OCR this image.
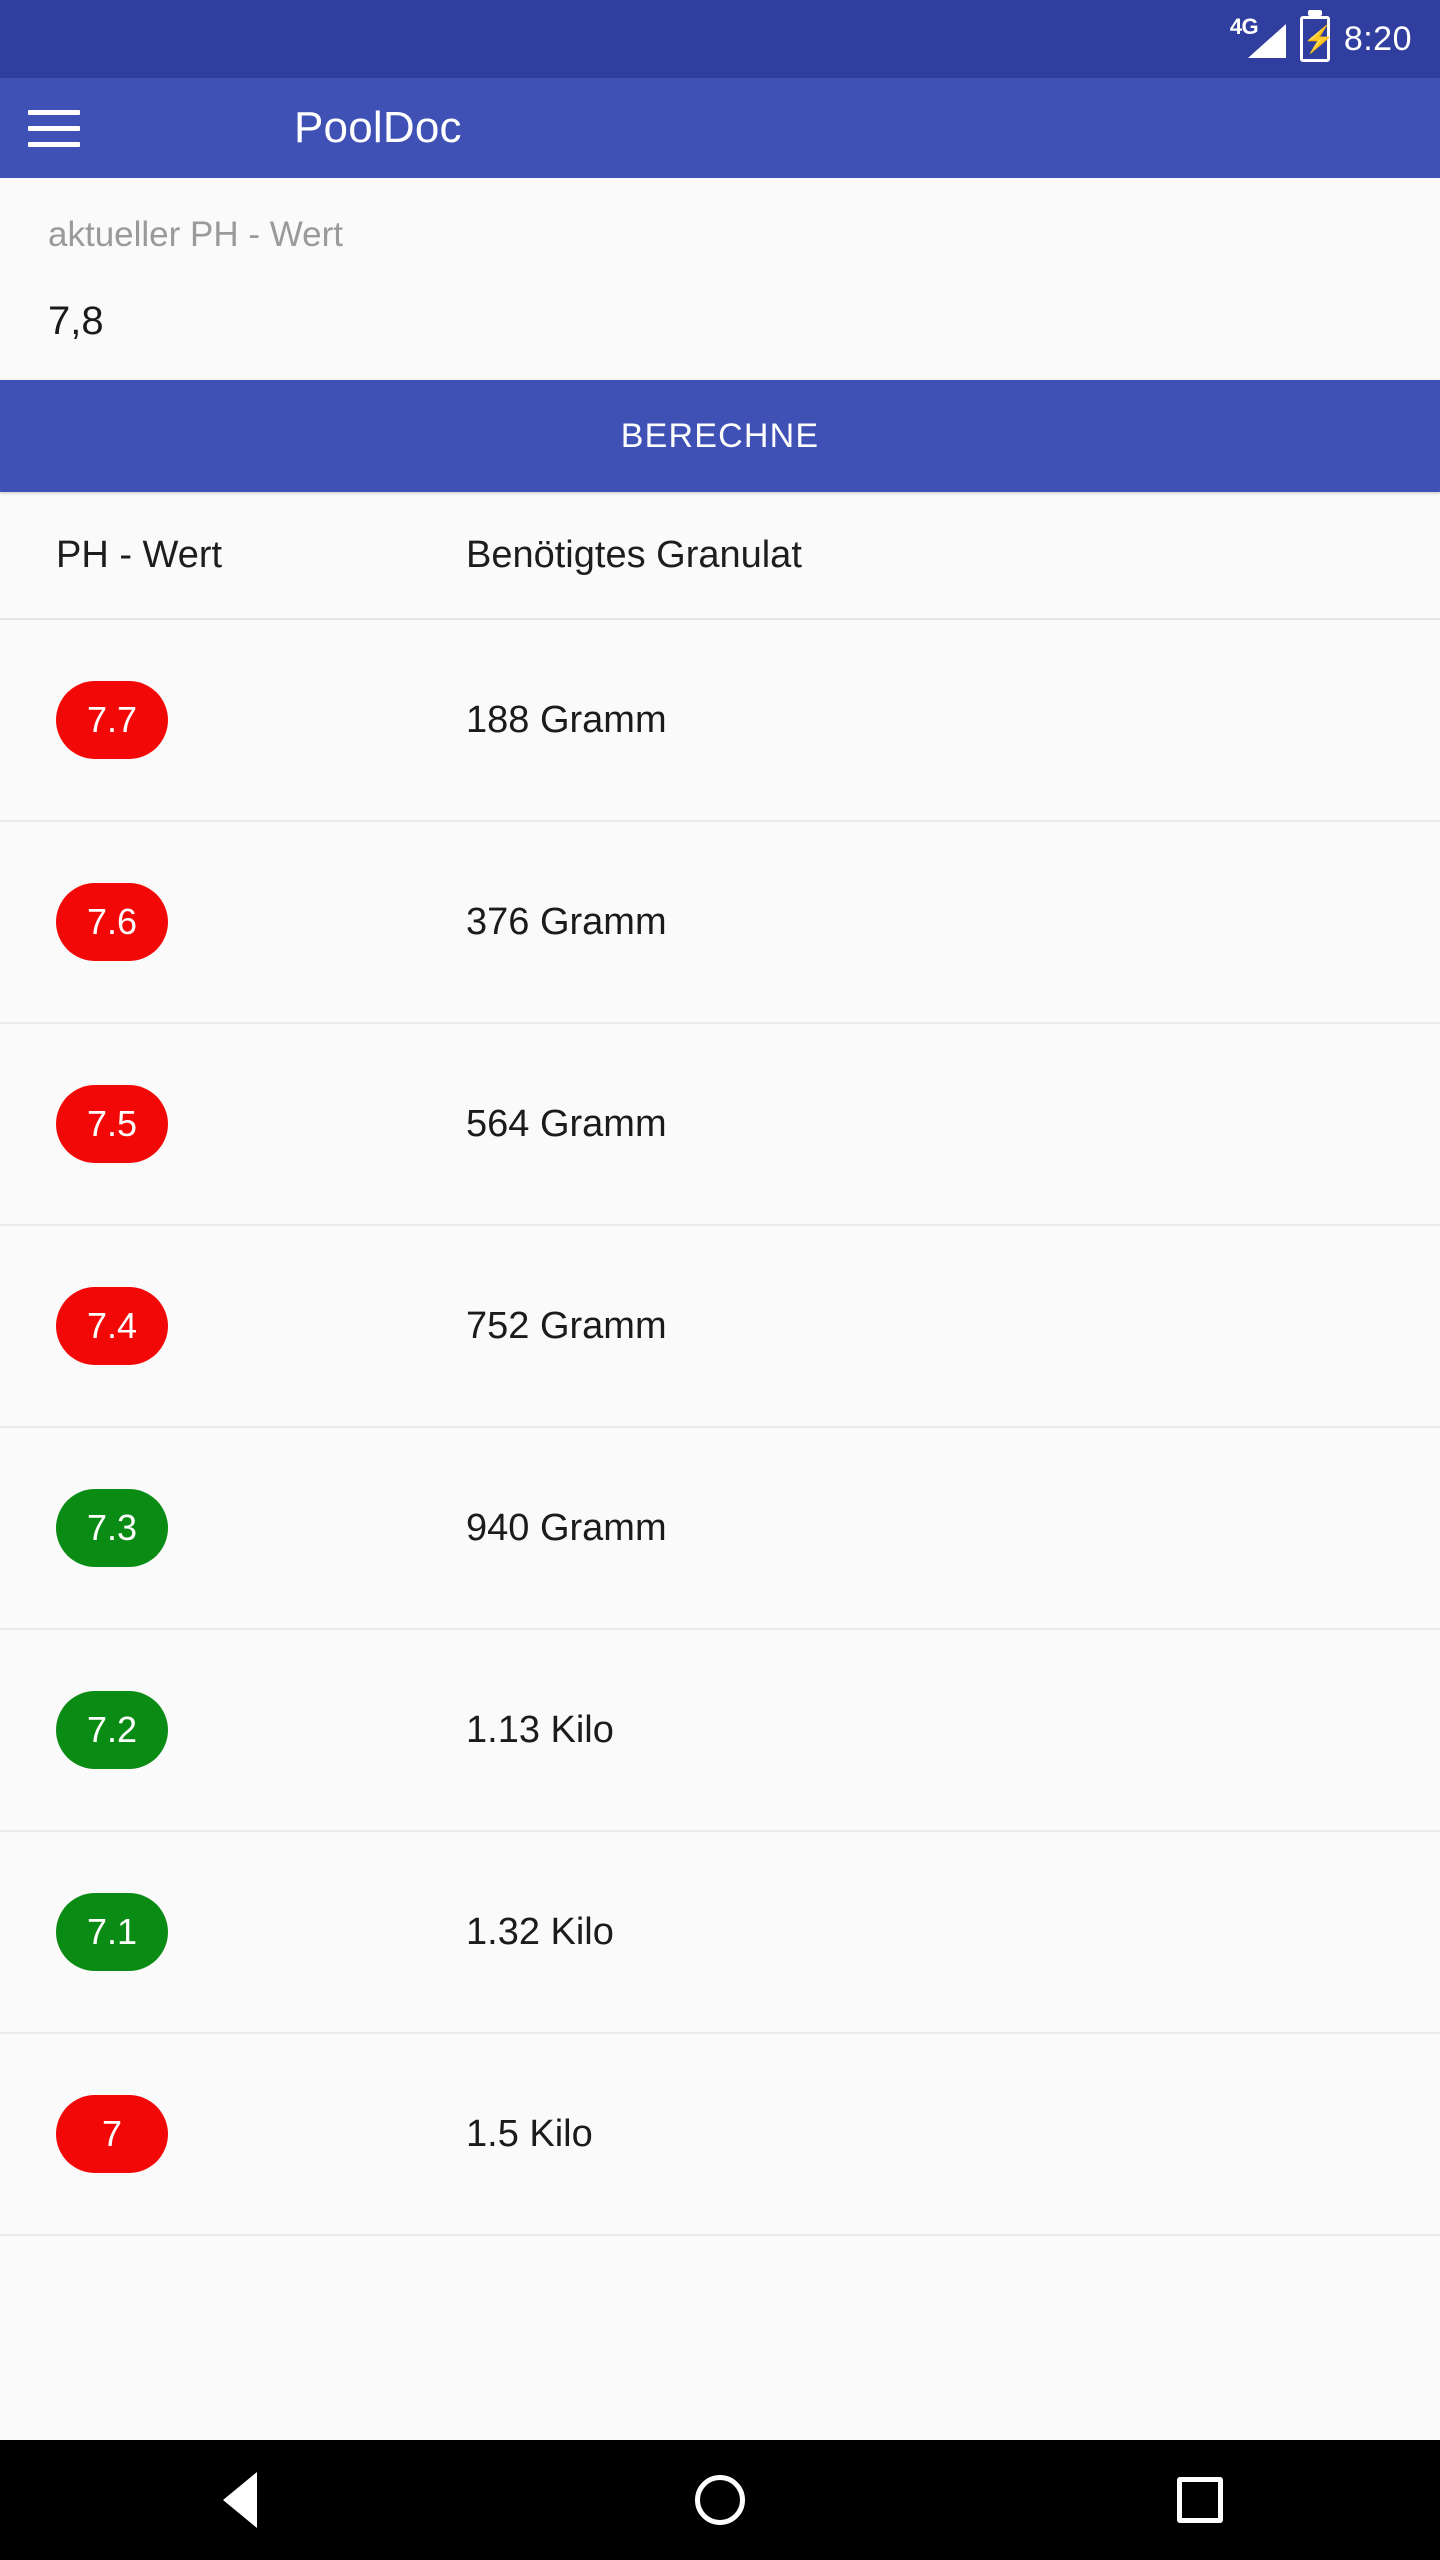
4G ⚡ 8:20
PoolDoc
aktueller PH - Wert
7,8
BERECHNE
PH - Wert	Benötigtes Granulat
7.7	188 Gramm
7.6	376 Gramm
7.5	564 Gramm
7.4	752 Gramm
7.3	940 Gramm
7.2	1.13 Kilo
7.1	1.32 Kilo
7	1.5 Kilo
